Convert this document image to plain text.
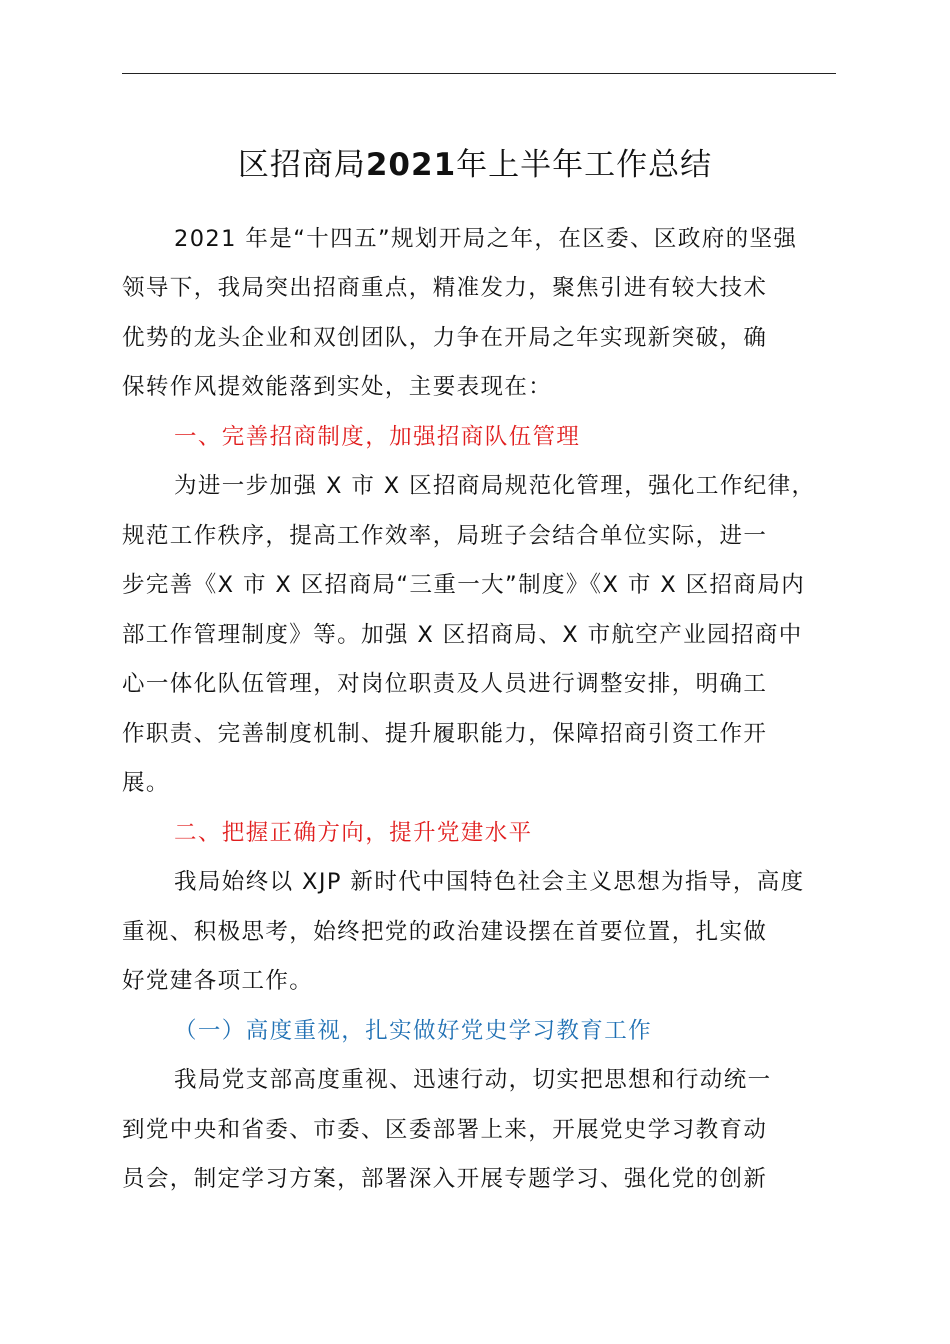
区招商局2021年上半年工作总结
2021 年是“十四五”规划开局之年，在区委、区政府的坚强
领导下，我局突出招商重点，精准发力，聚焦引进有较大技术
优势的龙头企业和双创团队，力争在开局之年实现新突破，确
保转作风提效能落到实处，主要表现在：
一、完善招商制度，加强招商队伍管理
为进一步加强 X 市 X 区招商局规范化管理，强化工作纪律，
规范工作秩序，提高工作效率，局班子会结合单位实际，进一
步完善《X 市 X 区招商局“三重一大”制度》《X 市 X 区招商局内
部工作管理制度》等。加强 X 区招商局、X 市航空产业园招商中
心一体化队伍管理，对岗位职责及人员进行调整安排，明确工
作职责、完善制度机制、提升履职能力，保障招商引资工作开
展。
二、把握正确方向，提升党建水平
我局始终以 XJP 新时代中国特色社会主义思想为指导，高度
重视、积极思考，始终把党的政治建设摆在首要位置，扎实做
好党建各项工作。
（一）高度重视，扎实做好党史学习教育工作
我局党支部高度重视、迅速行动，切实把思想和行动统一
到党中央和省委、市委、区委部署上来，开展党史学习教育动
员会，制定学习方案，部署深入开展专题学习、强化党的创新
